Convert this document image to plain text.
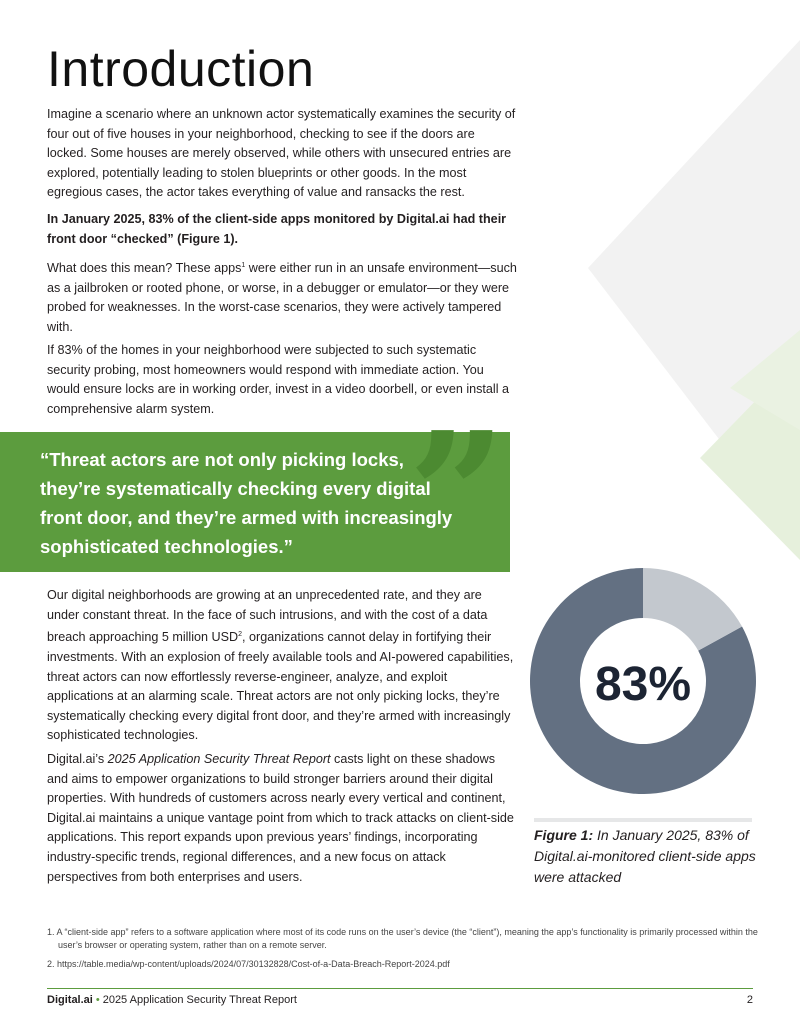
Introduction

Imagine a scenario where an unknown actor systematically examines the security of four out of five houses in your neighborhood, checking to see if the doors are locked. Some houses are merely observed, while others with unsecured entries are explored, potentially leading to stolen blueprints or other goods. In the most egregious cases, the actor takes everything of value and ransacks the rest.

In January 2025, 83% of the client-side apps monitored by Digital.ai had their front door “checked” (Figure 1).

What does this mean? These apps$^1$ were either run in an unsafe environment—such as a jailbroken or rooted phone, or worse, in a debugger or emulator—or they were probed for weaknesses. In the worst-case scenarios, they were actively tampered with.

If 83% of the homes in your neighborhood were subjected to such systematic security probing, most homeowners would respond with immediate action. You would ensure locks are in working order, invest in a video doorbell, or even install a comprehensive alarm system.	”

“Threat actors are not only picking locks, they’re systematically checking every digital front door, and they’re armed with increasingly sophisticated technologies.”

Our digital neighborhoods are growing at an unprecedented rate, and they are under constant threat. In the face of such intrusions, and with the cost of a data breach approaching 5 million USD$^2$, organizations cannot delay in fortifying their investments. With an explosion of freely available tools and AI-powered capabilities, threat actors can now effortlessly reverse-engineer, analyze, and exploit applications at an alarming scale. Threat actors are not only picking locks, they’re systematically checking every digital front door, and they’re armed with increasingly sophisticated technologies.

Digital.ai’s 2025 Application Security Threat Report casts light on these shadows and aims to empower organizations to build stronger barriers around their digital properties. With hundreds of customers across nearly every vertical and continent, Digital.ai maintains a unique vantage point from which to track attacks on client-side applications. This report expands upon previous years’ findings, incorporating industry-specific trends, regional differences, and a new focus on attack perspectives from both enterprises and users.

83%

Figure 1: In January 2025, 83% of Digital.ai-monitored client-side apps were attacked

1. A “client-side app” refers to a software application where most of its code runs on the user’s device (the “client”), meaning the app’s functionality is primarily processed within the user’s browser or operating system, rather than on a remote server.

2. https://table.media/wp-content/uploads/2024/07/30132828/Cost-of-a-Data-Breach-Report-2024.pdf

Digital.ai • 2025 Application Security Threat Report	2
